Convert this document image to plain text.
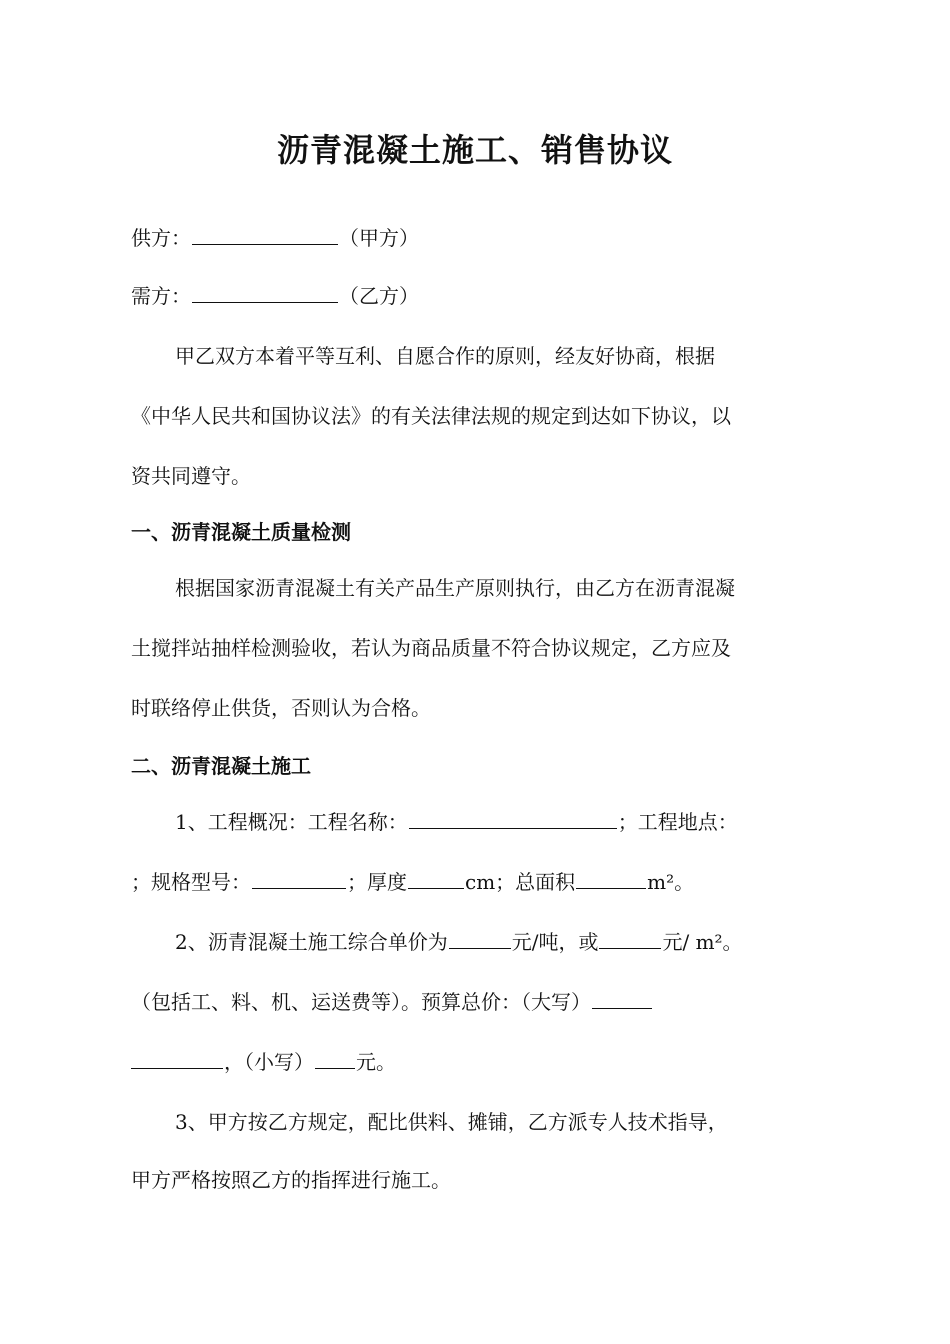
沥青混凝土施工、销售协议
供方：	（甲方）
需方：	（乙方）
甲乙双方本着平等互利、自愿合作的原则，经友好协商，根据
《中华人民共和国协议法》的有关法律法规的规定到达如下协议，以
资共同遵守。
一、沥青混凝土质量检测
根据国家沥青混凝土有关产品生产原则执行，由乙方在沥青混凝
土搅拌站抽样检测验收，若认为商品质量不符合协议规定，乙方应及
时联络停止供货，否则认为合格。
二、沥青混凝土施工
1、工程概况：工程名称：	；工程地点：
；规格型号：	；厚度	cm；总面积	m²。
2、沥青混凝土施工综合单价为	元/吨，或	元/ m²。
（包括工、料、机、运送费等）。预算总价：（大写）
，（小写） 元。
3、甲方按乙方规定，配比供料、摊铺，乙方派专人技术指导，
甲方严格按照乙方的指挥进行施工。
